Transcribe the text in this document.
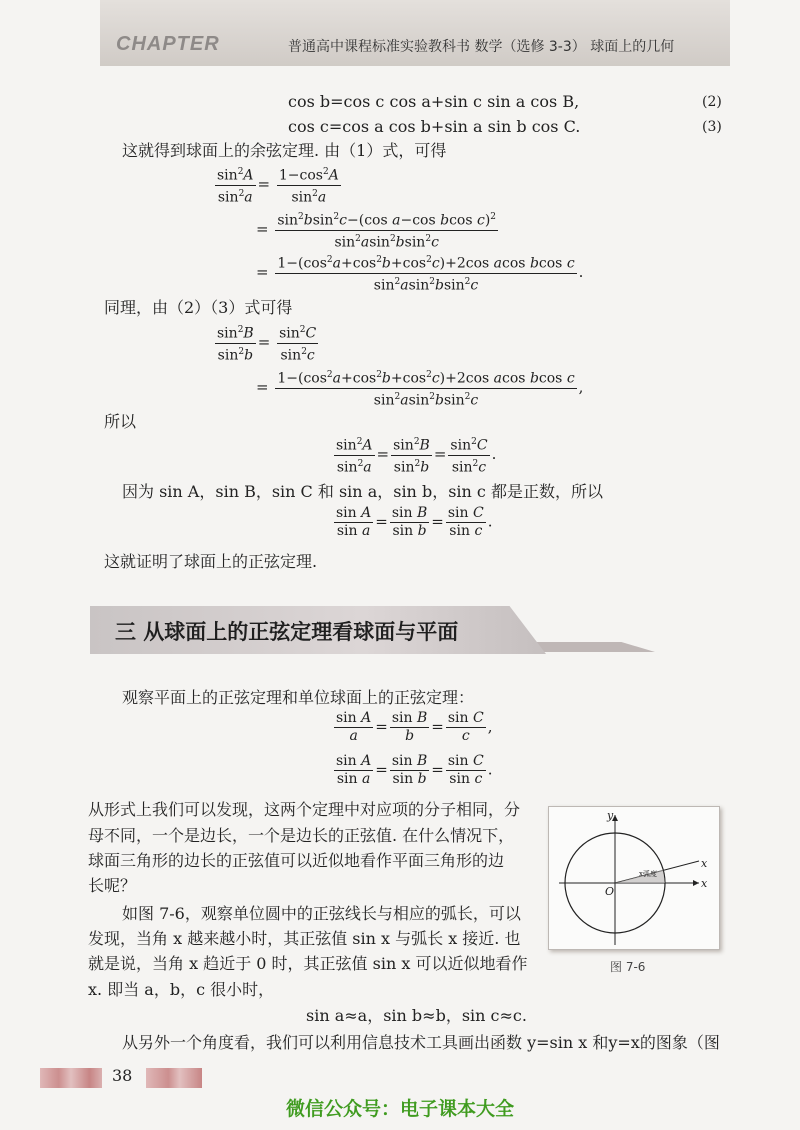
CHAPTER	普通高中课程标准实验教科书 数学（选修 3-3） 球面上的几何
cos b=cos c cos a+sin c sin a cos B,	(2)
cos c=cos a cos b+sin a sin b cos C.	(3)
这就得到球面上的余弦定理. 由（1）式，可得
$\frac{\sin^2A}{\sin^2a} = \frac{1-\cos^2A}{\sin^2a}$
= $\frac{\sin^2bsin^2c-(\cos a-\cos bcos c)^2}{\sin^2asin^2bsin^2c}$
= $\frac{1-(\cos^2a+\cos^2b+\cos^2c)+2\cos acos bcos c}{\sin^2asin^2bsin^2c}$ .
同理，由（2）（3）式可得
$\frac{\sin^2B}{\sin^2b} = \frac{\sin^2C}{\sin^2c}$
= $\frac{1-(\cos^2a+\cos^2b+\cos^2c)+2\cos acos bcos c}{\sin^2asin^2bsin^2c}$ ,
所以
$\frac{\sin^2A}{\sin^2a} = \frac{\sin^2B}{\sin^2b} = \frac{\sin^2C}{\sin^2c}$ .
因为 sin A，sin B，sin C 和 sin a，sin b，sin c 都是正数，所以
$\frac{\text{sin A}}{\text{sin a}} = \frac{\text{sin B}}{\text{sin b}} = \frac{\text{sin C}}{\text{sin c}}$ .
这就证明了球面上的正弦定理.
三 从球面上的正弦定理看球面与平面
观察平面上的正弦定理和单位球面上的正弦定理：
$\frac{\text{sin A}}{a} = \frac{\text{sin B}}{b} = \frac{\text{sin C}}{c}$ ,
$\frac{\text{sin A}}{\text{sin a}} = \frac{\text{sin B}}{\text{sin b}} = \frac{\text{sin C}}{\text{sin c}}$ .
从形式上我们可以发现，这两个定理中对应项的分子相同，分
母不同，一个是边长，一个是边长的正弦值. 在什么情况下，
球面三角形的边长的正弦值可以近似地看作平面三角形的边
长呢？
如图 7-6，观察单位圆中的正弦线长与相应的弧长，可以
发现，当角 x 越来越小时，其正弦值 sin x 与弧长 x 接近. 也
就是说，当角 x 趋近于 0 时，其正弦值 sin x 可以近似地看作
x. 即当 a，b，c 很小时，
y
x
x
O
x弧度
图 7-6
sin a≈a，sin b≈b，sin c≈c.
从另外一个角度看，我们可以利用信息技术工具画出函数 y=sin x 和y=x的图象（图
38
微信公众号：电子课本大全
